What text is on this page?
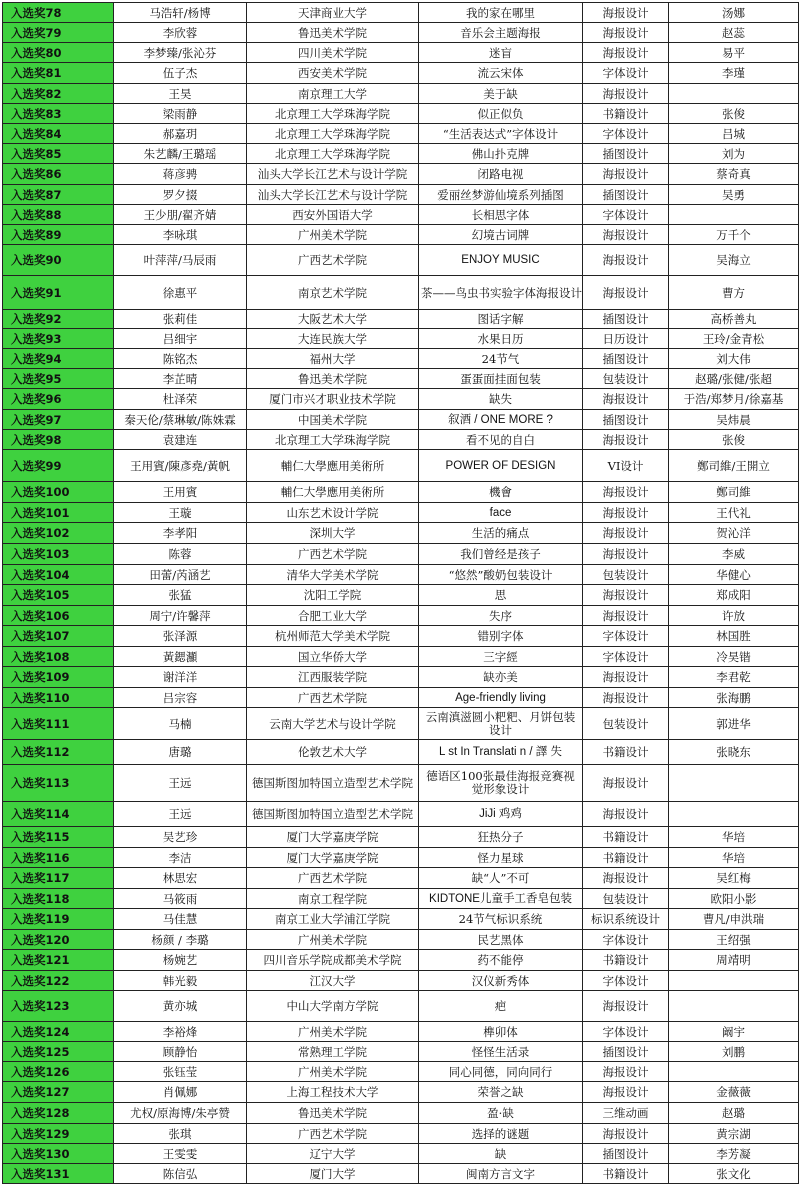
入选奖78	马浩轩/杨博	天津商业大学	我的家在哪里	海报设计	汤娜
入选奖79	李欣蓉	鲁迅美术学院	音乐会主题海报	海报设计	赵蕊
入选奖80	李梦臻/张沁芬	四川美术学院	迷盲	海报设计	易平
入选奖81	伍子杰	西安美术学院	流云宋体	字体设计	李瑾
入选奖82	王昊	南京理工大学	美于缺	海报设计	
入选奖83	梁雨静	北京理工大学珠海学院	似正似负	书籍设计	张俊
入选奖84	郝嘉玥	北京理工大学珠海学院	“生活表达式”字体设计	字体设计	吕城
入选奖85	朱艺麟/王璐瑶	北京理工大学珠海学院	佛山扑克牌	插图设计	刘为
入选奖86	蒋彦骋	汕头大学长江艺术与设计学院	闭路电视	海报设计	蔡奇真
入选奖87	罗夕掇	汕头大学长江艺术与设计学院	爱丽丝梦游仙境系列插图	插图设计	吴勇
入选奖88	王少朋/翟齐婧	西安外国语大学	长相思字体	字体设计	
入选奖89	李咏琪	广州美术学院	幻境古词牌	海报设计	万千个
入选奖90	叶萍萍/马辰雨	广西艺术学院	ENJOY MUSIC	海报设计	吴海立
入选奖91	徐惠平	南京艺术学院	茶——鸟虫书实验字体海报设计	海报设计	曹方
入选奖92	张莉佳	大阪艺术大学	图话字解	插图设计	高桥善丸
入选奖93	吕细宇	大连民族大学	水果日历	日历设计	王玲/金青松
入选奖94	陈铭杰	福州大学	24节气	插图设计	刘大伟
入选奖95	李芷晴	鲁迅美术学院	蛋蛋面挂面包装	包装设计	赵璐/张健/张超
入选奖96	杜泽荣	厦门市兴才职业技术学院	缺失	海报设计	于浩/郑梦月/徐嘉基
入选奖97	秦天伦/蔡琳敏/陈姝霖	中国美术学院	叙酒 / ONE MORE ?	插图设计	吴炜晨
入选奖98	袁建连	北京理工大学珠海学院	看不见的自白	海报设计	张俊
入选奖99	王用賓/陳彥堯/黃帆	輔仁大學應用美術所	POWER OF DESIGN	VI设计	鄭司維/王開立
入选奖100	王用賓	輔仁大學應用美術所	機會	海报设计	鄭司維
入选奖101	王璇	山东艺术设计学院	face	海报设计	王代礼
入选奖102	李孝阳	深圳大学	生活的痛点	海报设计	贺沁洋
入选奖103	陈蓉	广西艺术学院	我们曾经是孩子	海报设计	李威
入选奖104	田蕾/芮涵艺	清华大学美术学院	“悠然”酸奶包装设计	包装设计	华健心
入选奖105	张猛	沈阳工学院	思	海报设计	郑成阳
入选奖106	周宁/许馨萍	合肥工业大学	失序	海报设计	许放
入选奖107	张泽源	杭州师范大学美术学院	错别字体	字体设计	林国胜
入选奖108	黃鍶灦	国立华侨大学	三字經	字体设计	冷昊锴
入选奖109	谢洋洋	江西服装学院	缺亦美	海报设计	李君乾
入选奖110	吕宗容	广西艺术学院	Age-friendly living	海报设计	张海鹏
入选奖111	马楠	云南大学艺术与设计学院	云南滇滋圆小粑粑、月饼包装设计	包装设计	郭进华
入选奖112	唐璐	伦敦艺术大学	L st In Translati n / 譯 失	书籍设计	张晓东
入选奖113	王远	德国斯图加特国立造型艺术学院	德语区100张最佳海报竞赛视觉形象设计	海报设计	
入选奖114	王远	德国斯图加特国立造型艺术学院	JiJi 鸡鸡	海报设计	
入选奖115	吴艺珍	厦门大学嘉庚学院	狂热分子	书籍设计	华培
入选奖116	李洁	厦门大学嘉庚学院	怪力星球	书籍设计	华培
入选奖117	林思宏	广西艺术学院	缺“人”不可	海报设计	吴红梅
入选奖118	马筱雨	南京工程学院	KIDTONE儿童手工香皂包装	包装设计	欧阳小影
入选奖119	马佳慧	南京工业大学浦江学院	24节气标识系统	标识系统设计	曹凡/申洪瑞
入选奖120	杨颜 / 李璐	广州美术学院	民艺黑体	字体设计	王绍强
入选奖121	杨婉艺	四川音乐学院成都美术学院	药不能停	书籍设计	周靖明
入选奖122	韩光毅	江汉大学	汉仪新秀体	字体设计	
入选奖123	黄亦城	中山大学南方学院	疤	海报设计	
入选奖124	李裕烽	广州美术学院	榫卯体	字体设计	阚宇
入选奖125	顾静怡	常熟理工学院	怪怪生活录	插图设计	刘鹏
入选奖126	张钰莹	广州美术学院	同心同德，同向同行	海报设计	
入选奖127	肖佩娜	上海工程技术大学	荣誉之缺	海报设计	金薇薇
入选奖128	尤权/原海博/朱亭赞	鲁迅美术学院	盈·缺	三维动画	赵璐
入选奖129	张琪	广西艺术学院	选择的谜题	海报设计	黄宗湖
入选奖130	王雯雯	辽宁大学	缺	插图设计	李芳凝
入选奖131	陈信弘	厦门大学	闽南方言文字	书籍设计	张文化
